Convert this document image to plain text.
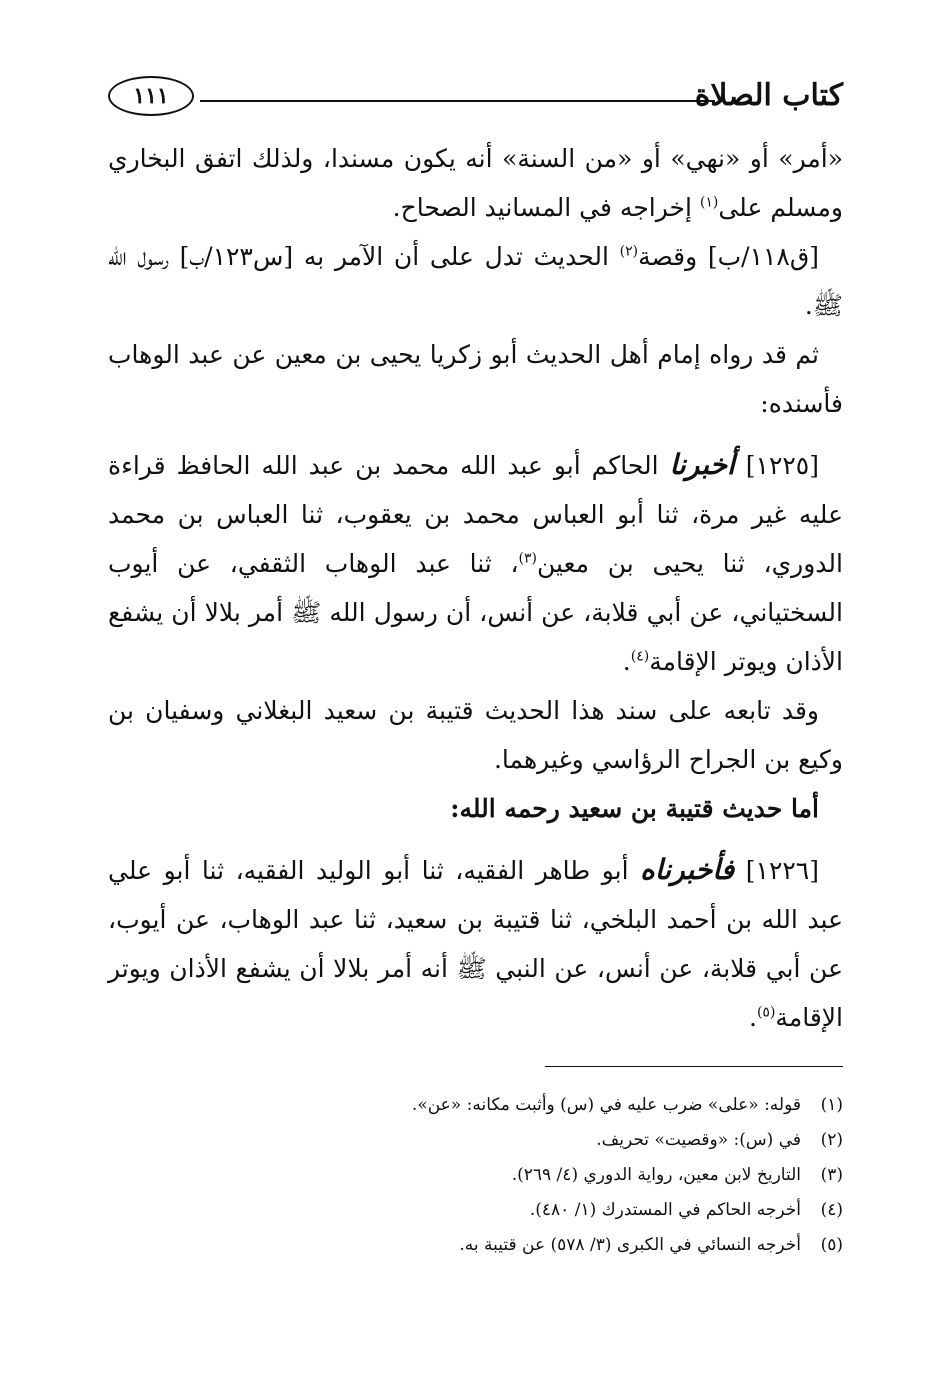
كتاب الصلاة
١١١

«أمر» أو «نهي» أو «من السنة» أنه يكون مسندا، ولذلك اتفق البخاري ومسلم على$^{(١)}$ إخراجه في المسانيد الصحاح.

[ق١١٨/ب] وقصة$^{(٢)}$ الحديث تدل على أن الآمر به [س١٢٣/ب] رسول الله ﷺ.

ثم قد رواه إمام أهل الحديث أبو زكريا يحيى بن معين عن عبد الوهاب فأسنده:

[١٢٢٥] أخبرنا الحاكم أبو عبد الله محمد بن عبد الله الحافظ قراءة عليه غير مرة، ثنا أبو العباس محمد بن يعقوب، ثنا العباس بن محمد الدوري، ثنا يحيى بن معين$^{(٣)}$، ثنا عبد الوهاب الثقفي، عن أيوب السختياني، عن أبي قلابة، عن أنس، أن رسول الله ﷺ أمر بلالا أن يشفع الأذان ويوتر الإقامة$^{(٤)}$.

وقد تابعه على سند هذا الحديث قتيبة بن سعيد البغلاني وسفيان بن وكيع بن الجراح الرؤاسي وغيرهما.

أما حديث قتيبة بن سعيد رحمه الله:

[١٢٢٦] فأخبرناه أبو طاهر الفقيه، ثنا أبو الوليد الفقيه، ثنا أبو علي عبد الله بن أحمد البلخي، ثنا قتيبة بن سعيد، ثنا عبد الوهاب، عن أيوب، عن أبي قلابة، عن أنس، عن النبي ﷺ أنه أمر بلالا أن يشفع الأذان ويوتر الإقامة$^{(٥)}$.

(١)قوله: «على» ضرب عليه في (س) وأثبت مكانه: «عن».
(٢)في (س): «وقصيت» تحريف.
(٣)التاريخ لابن معين، رواية الدوري (٤/ ٢٦٩).
(٤)أخرجه الحاكم في المستدرك (١/ ٤٨٠).
(٥)أخرجه النسائي في الكبرى (٣/ ٥٧٨) عن قتيبة به.
